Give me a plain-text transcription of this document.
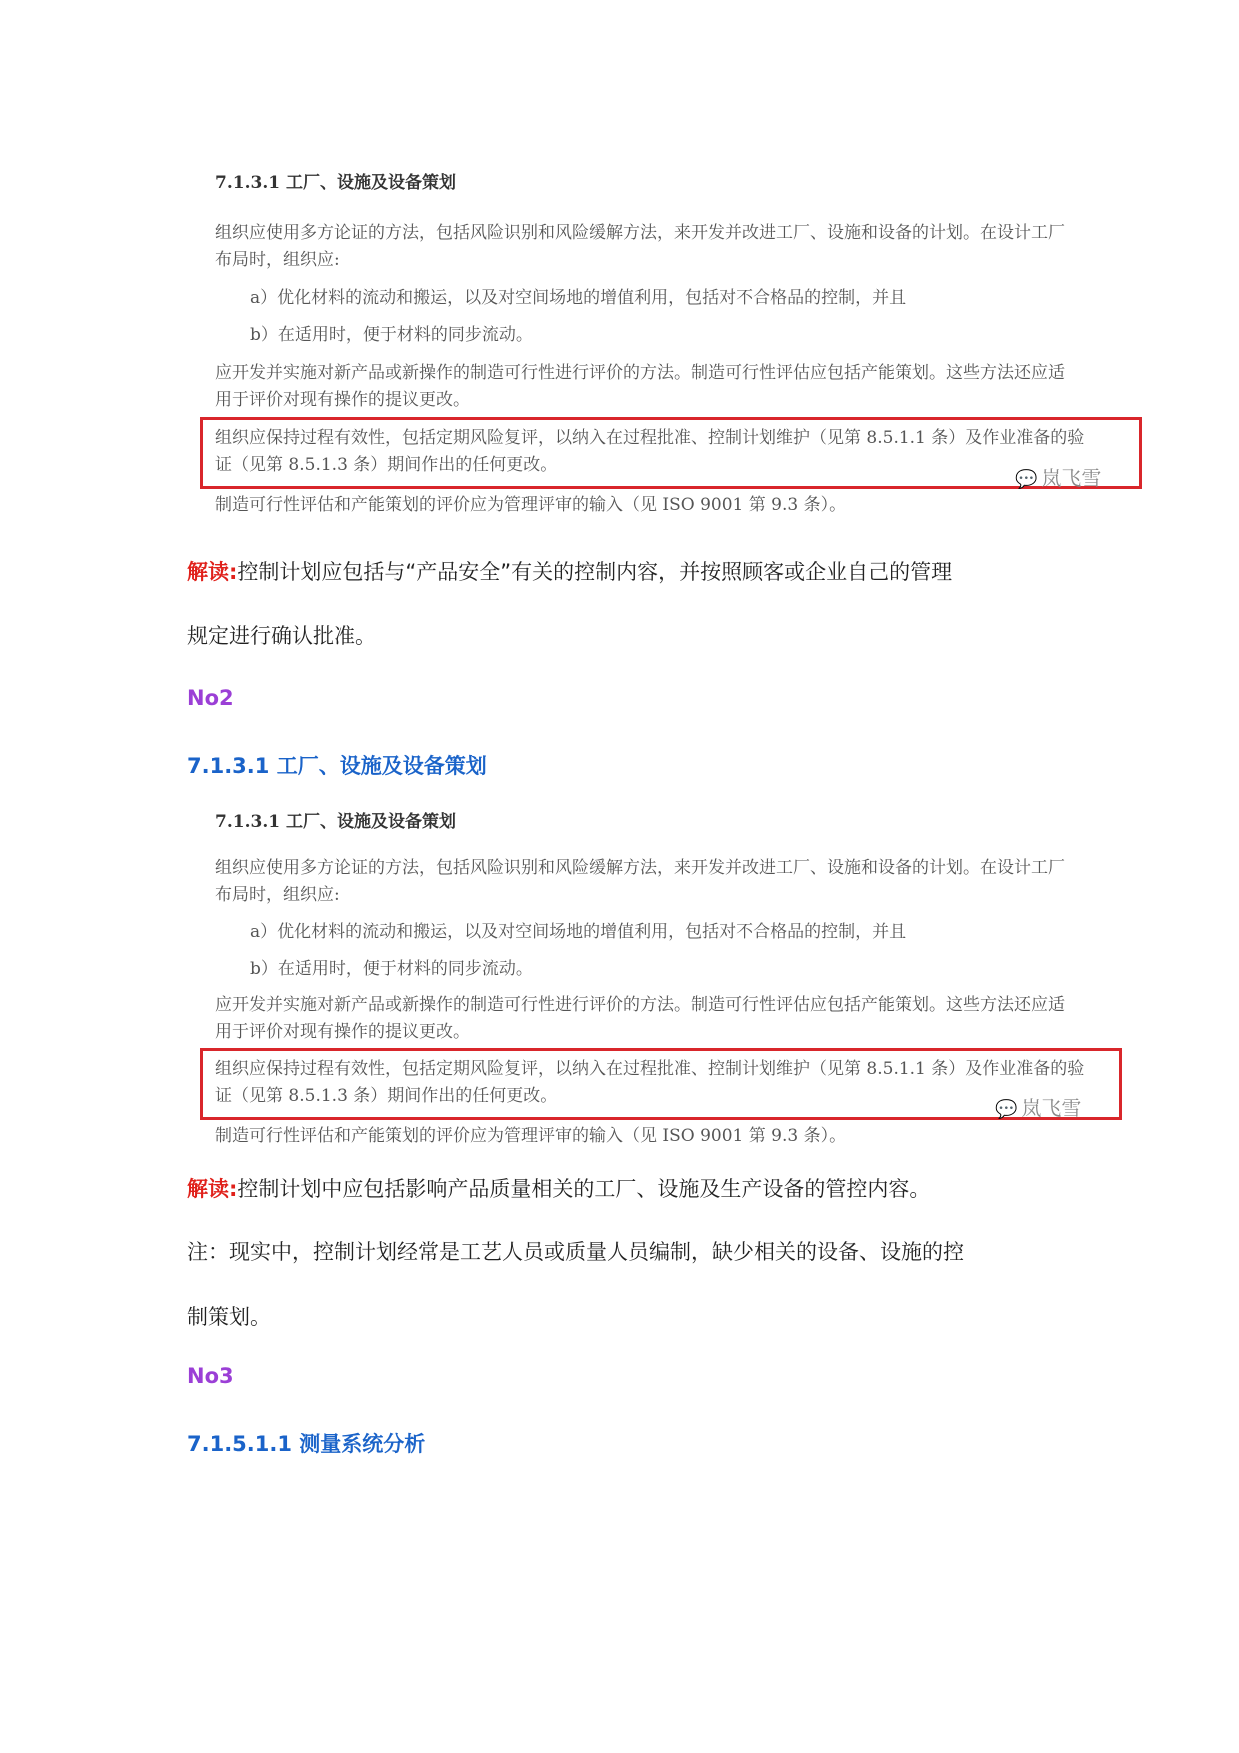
7.1.3.1 工厂、设施及设备策划
组织应使用多方论证的方法，包括风险识别和风险缓解方法，来开发并改进工厂、设施和设备的计划。在设计工厂
布局时，组织应:
a）优化材料的流动和搬运，以及对空间场地的增值利用，包括对不合格品的控制，并且
b）在适用时，便于材料的同步流动。
应开发并实施对新产品或新操作的制造可行性进行评价的方法。制造可行性评估应包括产能策划。这些方法还应适
用于评价对现有操作的提议更改。
组织应保持过程有效性，包括定期风险复评，以纳入在过程批准、控制计划维护（见第 8.5.1.1 条）及作业准备的验
证（见第 8.5.1.3 条）期间作出的任何更改。
💬 岚飞雪
制造可行性评估和产能策划的评价应为管理评审的输入（见 ISO 9001 第 9.3 条）。
解读:控制计划应包括与“产品安全”有关的控制内容，并按照顾客或企业自己的管理
规定进行确认批准。
No2
7.1.3.1 工厂、设施及设备策划
7.1.3.1 工厂、设施及设备策划
组织应使用多方论证的方法，包括风险识别和风险缓解方法，来开发并改进工厂、设施和设备的计划。在设计工厂
布局时，组织应:
a）优化材料的流动和搬运，以及对空间场地的增值利用，包括对不合格品的控制，并且
b）在适用时，便于材料的同步流动。
应开发并实施对新产品或新操作的制造可行性进行评价的方法。制造可行性评估应包括产能策划。这些方法还应适
用于评价对现有操作的提议更改。
组织应保持过程有效性，包括定期风险复评，以纳入在过程批准、控制计划维护（见第 8.5.1.1 条）及作业准备的验
证（见第 8.5.1.3 条）期间作出的任何更改。
💬 岚飞雪
制造可行性评估和产能策划的评价应为管理评审的输入（见 ISO 9001 第 9.3 条）。
解读:控制计划中应包括影响产品质量相关的工厂、设施及生产设备的管控内容。
注：现实中，控制计划经常是工艺人员或质量人员编制，缺少相关的设备、设施的控
制策划。
No3
7.1.5.1.1 测量系统分析
